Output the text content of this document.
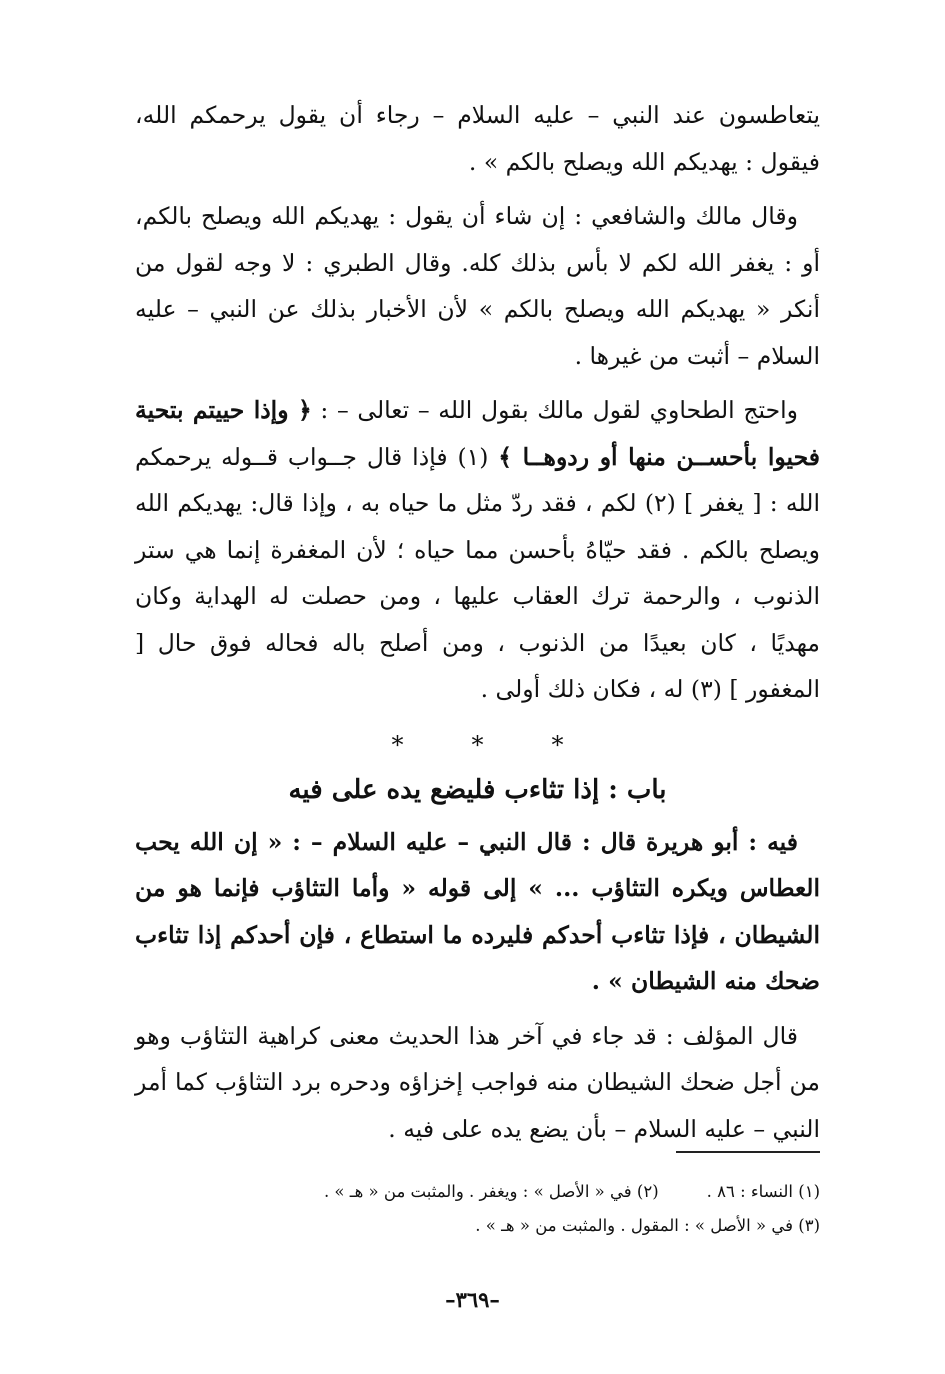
يتعاطسون عند النبي – عليه السلام – رجاء أن يقول يرحمكم الله، فيقول : يهديكم الله ويصلح بالكم » .

وقال مالك والشافعي : إن شاء أن يقول : يهديكم الله ويصلح بالكم، أو : يغفر الله لكم لا بأس بذلك كله. وقال الطبري : لا وجه لقول من أنكر « يهديكم الله ويصلح بالكم » لأن الأخبار بذلك عن النبي – عليه السلام – أثبت من غيرها .

واحتج الطحاوي لقول مالك بقول الله – تعالى – : ﴿ وإذا حييتم بتحية فحيوا بأحســن منها أو ردوهــا ﴾ (١) فإذا قال جــواب قــوله يرحمكم الله : [ يغفر ] (٢) لكم ، فقد ردّ مثل ما حياه به ، وإذا قال: يهديكم الله ويصلح بالكم . فقد حيّاهُ بأحسن مما حياه ؛ لأن المغفرة إنما هي ستر الذنوب ، والرحمة ترك العقاب عليها ، ومن حصلت له الهداية وكان مهديًا ، كان بعيدًا من الذنوب ، ومن أصلح باله فحاله فوق حال [ المغفور ] (٣) له ، فكان ذلك أولى .

***
باب : إذا تثاءب فليضع يده على فيه

فيه : أبو هريرة قال : قال النبي – عليه السلام – : « إن الله يحب العطاس ويكره التثاؤب ... » إلى قوله « وأما التثاؤب فإنما هو من الشيطان ، فإذا تثاءب أحدكم فليرده ما استطاع ، فإن أحدكم إذا تثاءب ضحك منه الشيطان » .

قال المؤلف : قد جاء في آخر هذا الحديث معنى كراهية التثاؤب وهو من أجل ضحك الشيطان منه فواجب إخزاؤه ودحره برد التثاؤب كما أمر النبي – عليه السلام – بأن يضع يده على فيه .

(١) النساء : ٨٦ .(٢) في « الأصل » : ويغفر . والمثبت من « هـ » .
(٣) في « الأصل » : المقول . والمثبت من « هـ » .
–٣٦٩–
